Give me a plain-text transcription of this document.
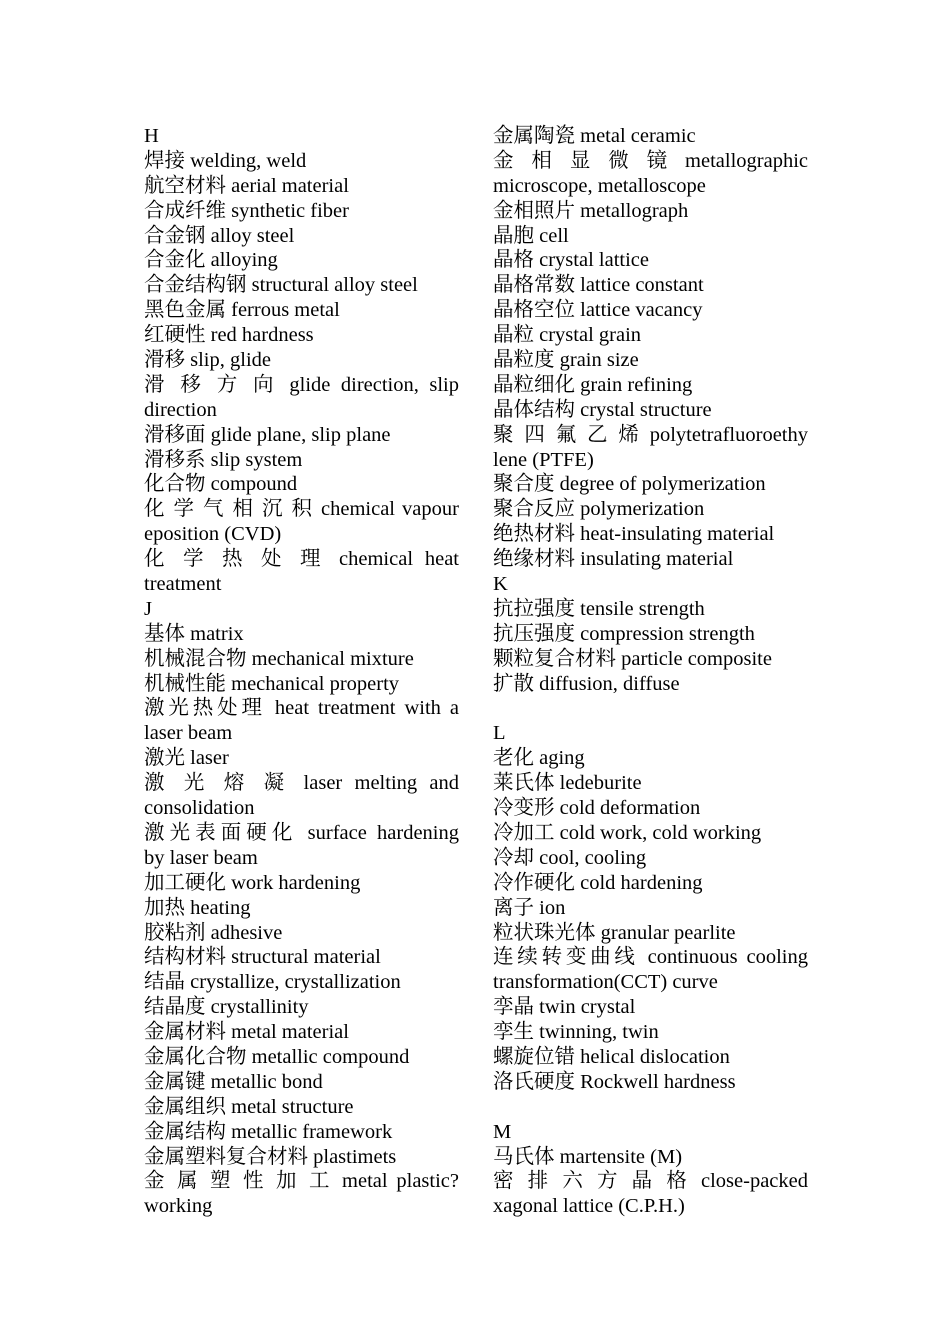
H
焊接 welding, weld
航空材料 aerial material
合成纤维 synthetic fiber
合金钢 alloy steel
合金化 alloying
合金结构钢 structural alloy steel
黑色金属 ferrous metal
红硬性 red hardness
滑移 slip, glide
滑 移 方 向 glide direction, slip
direction
滑移面 glide plane, slip plane
滑移系 slip system
化合物 compound
化 学 气 相 沉 积 chemical vapour
eposition (CVD)
化 学 热 处 理 chemical heat
treatment
J
基体 matrix
机械混合物 mechanical mixture
机械性能 mechanical property
激光热处理 heat treatment with a
laser beam
激光 laser
激 光 熔 凝 laser melting and
consolidation
激光表面硬化 surface hardening
by laser beam
加工硬化 work hardening
加热 heating
胶粘剂 adhesive
结构材料 structural material
结晶 crystallize, crystallization
结晶度 crystallinity
金属材料 metal material
金属化合物 metallic compound
金属键 metallic bond
金属组织 metal structure
金属结构 metallic framework
金属塑料复合材料 plastimets
金 属 塑 性 加 工 metal plastic?
working
金属陶瓷 metal ceramic
金 相 显 微 镜 metallographic
microscope, metalloscope
金相照片 metallograph
晶胞 cell
晶格 crystal lattice
晶格常数 lattice constant
晶格空位 lattice vacancy
晶粒 crystal grain
晶粒度 grain size
晶粒细化 grain refining
晶体结构 crystal structure
聚 四 氟 乙 烯 polytetrafluoroethy
lene (PTFE)
聚合度 degree of polymerization
聚合反应 polymerization
绝热材料 heat-insulating material
绝缘材料 insulating material
K
抗拉强度 tensile strength
抗压强度 compression strength
颗粒复合材料 particle composite
扩散 diffusion, diffuse
L
老化 aging
莱氏体 ledeburite
冷变形 cold deformation
冷加工 cold work, cold working
冷却 cool, cooling
冷作硬化 cold hardening
离子 ion
粒状珠光体 granular pearlite
连续转变曲线 continuous cooling
transformation(CCT) curve
孪晶 twin crystal
孪生 twinning, twin
螺旋位错 helical dislocation
洛氏硬度 Rockwell hardness
M
马氏体 martensite (M)
密 排 六 方 晶 格 close-packed
xagonal lattice (C.P.H.)
